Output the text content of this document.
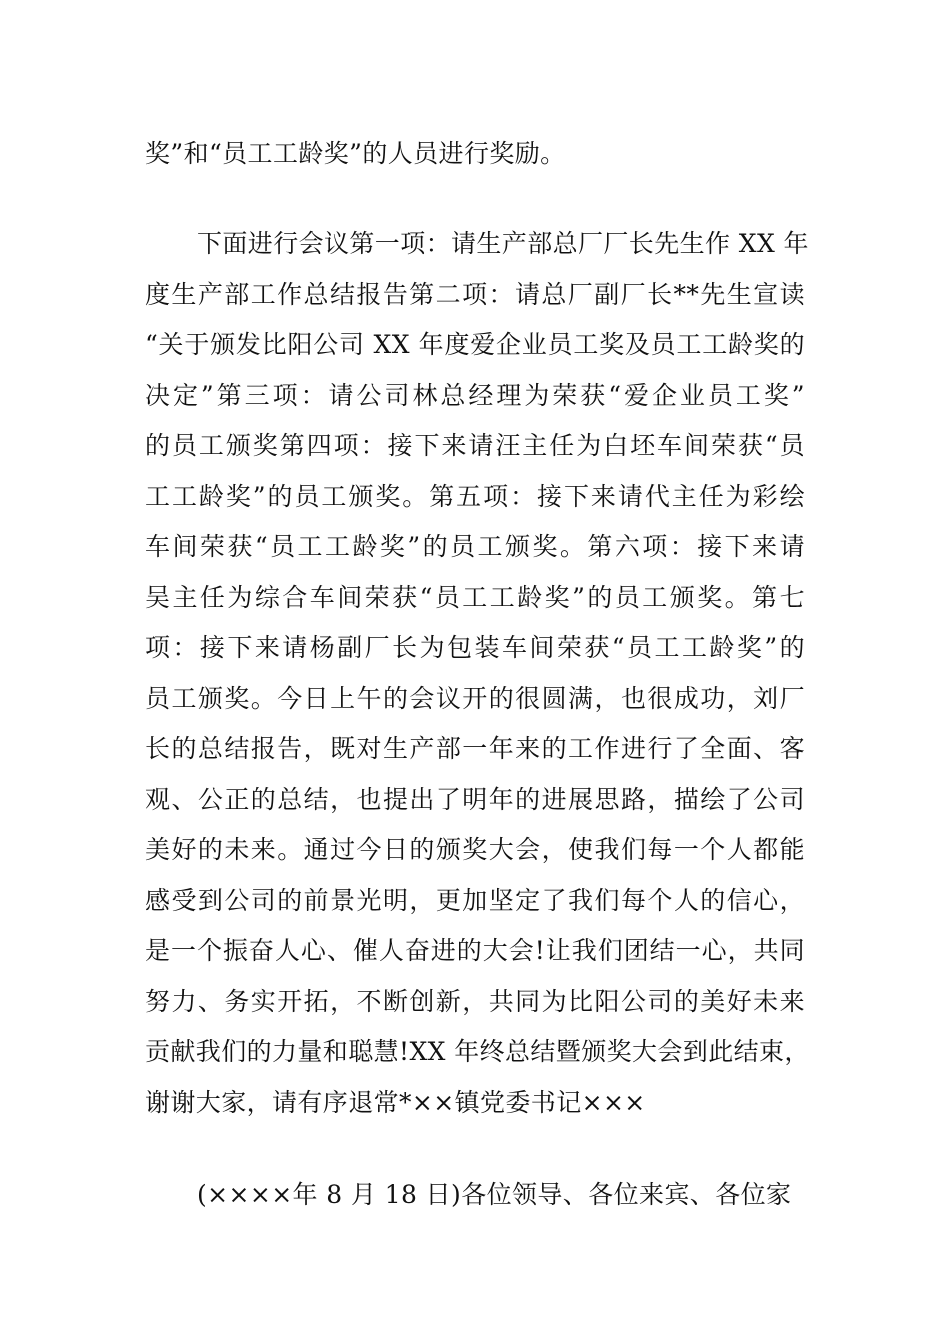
奖”和“员工工龄奖”的人员进行奖励。

下面进行会议第一项：请生产部总厂厂长先生作 XX 年
度生产部工作总结报告第二项：请总厂副厂长**先生宣读
“关于颁发比阳公司 XX 年度爱企业员工奖及员工工龄奖的
决定”第三项：请公司林总经理为荣获“爱企业员工奖”
的员工颁奖第四项：接下来请汪主任为白坯车间荣获“员
工工龄奖”的员工颁奖。第五项：接下来请代主任为彩绘
车间荣获“员工工龄奖”的员工颁奖。第六项：接下来请
吴主任为综合车间荣获“员工工龄奖”的员工颁奖。第七
项：接下来请杨副厂长为包装车间荣获“员工工龄奖”的
员工颁奖。今日上午的会议开的很圆满，也很成功，刘厂
长的总结报告，既对生产部一年来的工作进行了全面、客
观、公正的总结，也提出了明年的进展思路，描绘了公司
美好的未来。通过今日的颁奖大会，使我们每一个人都能
感受到公司的前景光明，更加坚定了我们每个人的信心，
是一个振奋人心、催人奋进的大会!让我们团结一心，共同
努力、务实开拓，不断创新，共同为比阳公司的美好未来
贡献我们的力量和聪慧!XX 年终总结暨颁奖大会到此结束，
谢谢大家，请有序退常*××镇党委书记×××

(××××年 8 月 18 日)各位领导、各位来宾、各位家
